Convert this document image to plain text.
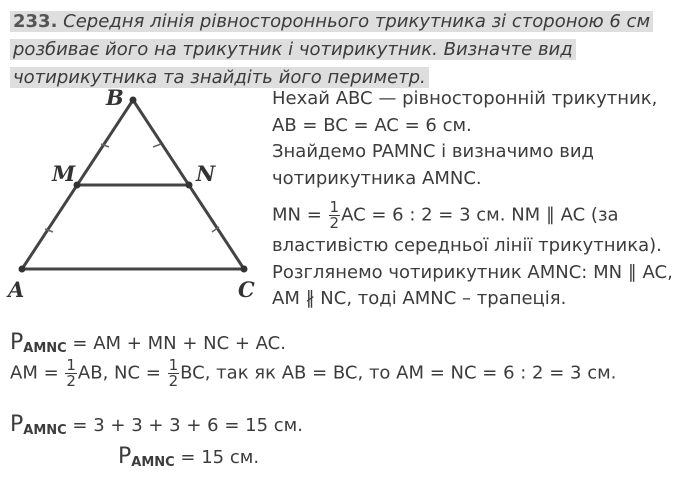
233. Середня лінія рівностороннього трикутника зі стороною 6 см
розбиває його на трикутник і чотирикутник. Визначте вид
чотирикутника та знайдіть його периметр.
A
B
C
M	N
Нехай ABC — рівносторонній трикутник,
AB = BC = AC = 6 см.
Знайдемо PAMNC і визначимо вид
чотирикутника AMNC.
MN = $\frac{1}{2}$ AC = 6 : 2 = 3 см. NM ∥ AC (за
властивістю середньої лінії трикутника).
Розглянемо чотирикутник AMNC: MN ∥ AC,
AM ∦ NC, тоді AMNC – трапеція.
$P_{AMNC}$ = AM + MN + NC + AC.
AM = $\frac{1}{2}$ AB, NC = $\frac{1}{2}$ BC, так як AB = BC, то AM = NC = 6 : 2 = 3 см.
$P_{AMNC} = 3 + 3 + 3 + 6 = 15$ см.
$P_{AMNC} = 15$ см.
